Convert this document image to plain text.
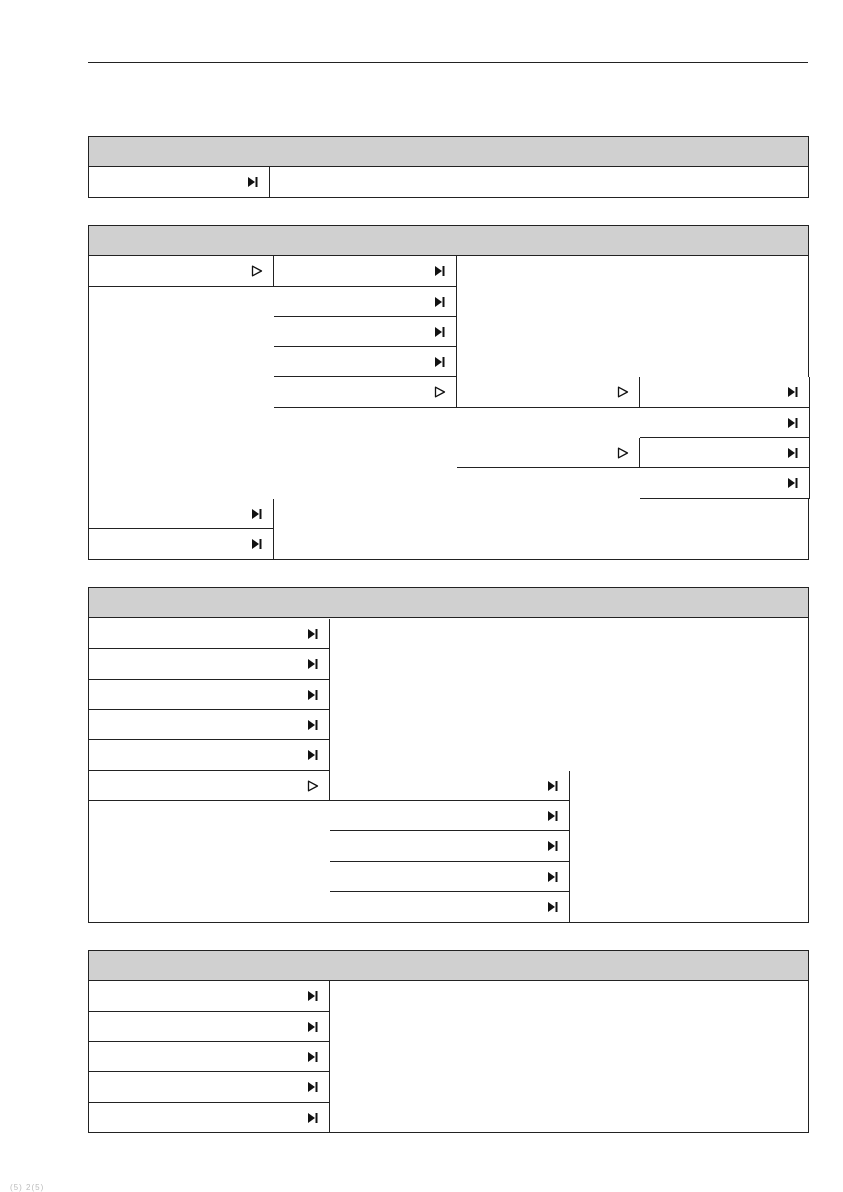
(5) 2(5)
